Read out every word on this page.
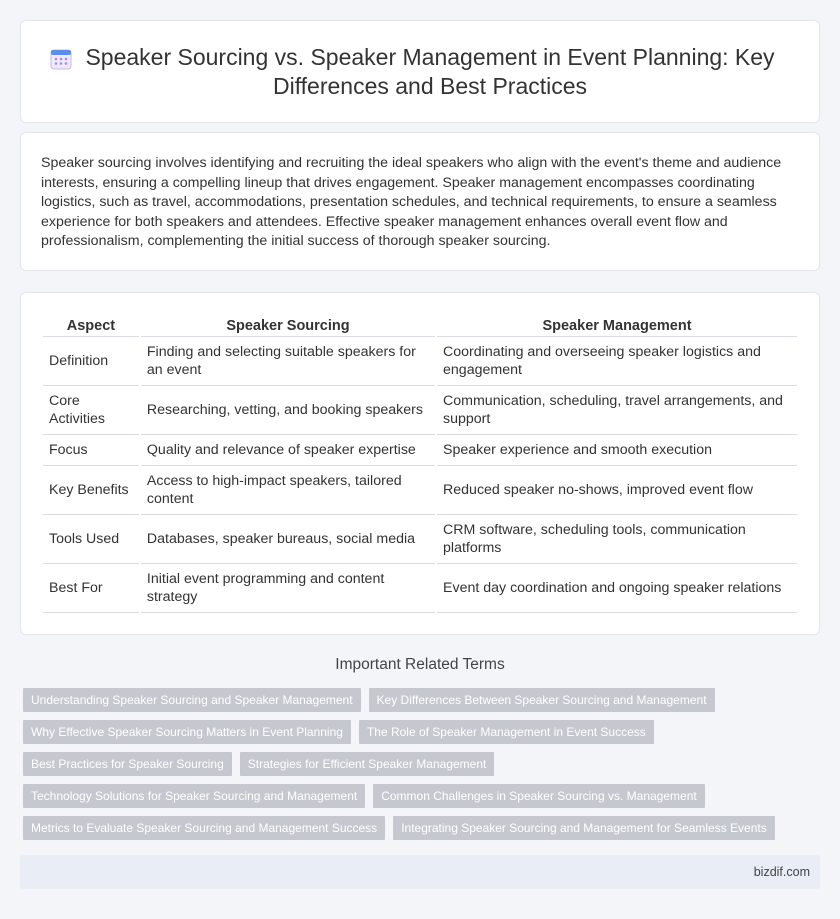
Speaker Sourcing vs. Speaker Management in Event Planning: Key Differences and Best Practices

Speaker sourcing involves identifying and recruiting the ideal speakers who align with the event's theme and audience interests, ensuring a compelling lineup that drives engagement. Speaker management encompasses coordinating logistics, such as travel, accommodations, presentation schedules, and technical requirements, to ensure a seamless experience for both speakers and attendees. Effective speaker management enhances overall event flow and professionalism, complementing the initial success of thorough speaker sourcing.

Aspect	Speaker Sourcing	Speaker Management
Definition	Finding and selecting suitable speakers for an event	Coordinating and overseeing speaker logistics and engagement
Core Activities	Researching, vetting, and booking speakers	Communication, scheduling, travel arrangements, and support
Focus	Quality and relevance of speaker expertise	Speaker experience and smooth execution
Key Benefits	Access to high-impact speakers, tailored content	Reduced speaker no-shows, improved event flow
Tools Used	Databases, speaker bureaus, social media	CRM software, scheduling tools, communication platforms
Best For	Initial event programming and content strategy	Event day coordination and ongoing speaker relations
Important Related Terms
Understanding Speaker Sourcing and Speaker Management	Key Differences Between Speaker Sourcing and Management
Why Effective Speaker Sourcing Matters in Event Planning	The Role of Speaker Management in Event Success
Best Practices for Speaker Sourcing	Strategies for Efficient Speaker Management
Technology Solutions for Speaker Sourcing and Management	Common Challenges in Speaker Sourcing vs. Management
Metrics to Evaluate Speaker Sourcing and Management Success	Integrating Speaker Sourcing and Management for Seamless Events
bizdif.com
